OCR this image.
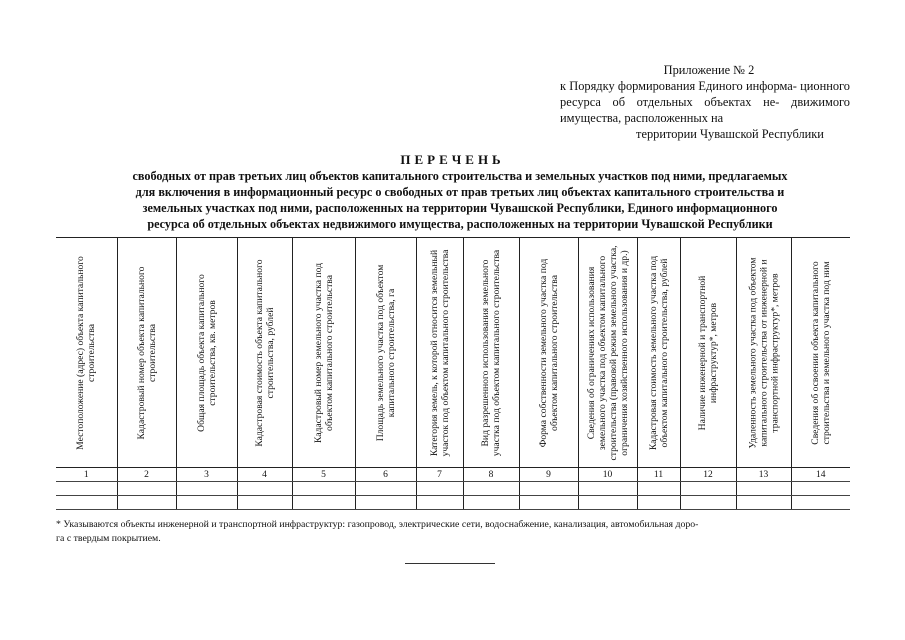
Приложение № 2
к Порядку формирования Единого информа- ционного ресурса об отдельных объектах не- движимого имущества, расположенных на
территории Чувашской Республики
ПЕРЕЧЕНЬ
свободных от прав третьих лиц объектов капитального строительства и земельных участков под ними, предлагаемых
для включения в информационный ресурс о свободных от прав третьих лиц объектах капитального строительства и
земельных участках под ними, расположенных на территории Чувашской Республики, Единого информационного
ресурса об отдельных объектах недвижимого имущества, расположенных на территории Чувашской Республики
Местоположение (адрес) объекта капитального строительства	Кадастровый номер объекта капитального строительства	Общая площадь объекта капитального строительства, кв. метров	Кадастровая стоимость объекта капитального строительства, рублей	Кадастровый номер земельного участка под объектом капитального строительства	Площадь земельного участка под объектом капитального строительства, га	Категория земель, к которой относится земельный участок под объектом капитального строительства	Вид разрешенного использования земельного участка под объектом капитального строительства	Форма собственности земельного участка под объектом капитального строительства	Сведения об ограничениях использования земельного участка под объектом капитального строительства (правовой режим земельного участка, ограничения хозяйственного использования и др.)	Кадастровая стоимость земельного участка под объектом капитального строительства, рублей	Наличие инженерной и транспортной инфраструктур*, метров	Удаленность земельного участка под объектом капитального строительства от инженерной и транспортной инфраструктур*, метров	Сведения об освоении объекта капитального строительства и земельного участка под ним

1	2	3	4	5	6	7	8	9	10	11	12	13	14

* Указываются объекты инженерной и транспортной инфраструктур: газопровод, электрические сети, водоснабжение, канализация, автомобильная доро-
га с твердым покрытием.
